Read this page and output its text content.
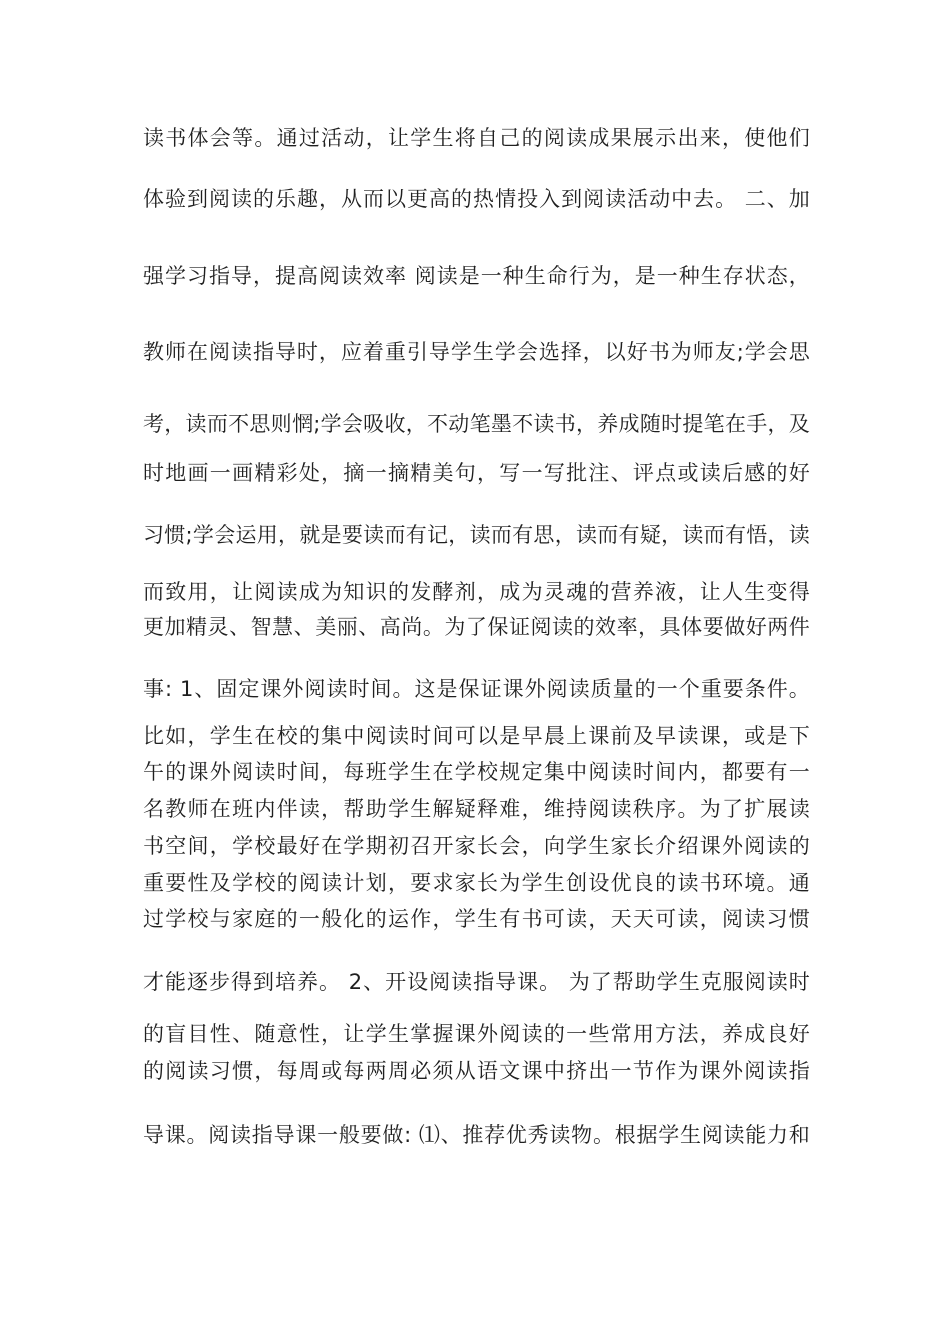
读书体会等。通过活动，让学生将自己的阅读成果展示出来，使他们
体验到阅读的乐趣，从而以更高的热情投入到阅读活动中去。 二、加
强学习指导，提高阅读效率 阅读是一种生命行为，是一种生存状态，
教师在阅读指导时，应着重引导学生学会选择，以好书为师友;学会思
考，读而不思则惘;学会吸收，不动笔墨不读书，养成随时提笔在手，及
时地画一画精彩处，摘一摘精美句，写一写批注、评点或读后感的好
习惯;学会运用，就是要读而有记，读而有思，读而有疑，读而有悟，读
而致用，让阅读成为知识的发酵剂，成为灵魂的营养液，让人生变得
更加精灵、智慧、美丽、高尚。为了保证阅读的效率，具体要做好两件
事: 1、固定课外阅读时间。这是保证课外阅读质量的一个重要条件。
比如，学生在校的集中阅读时间可以是早晨上课前及早读课，或是下
午的课外阅读时间，每班学生在学校规定集中阅读时间内，都要有一
名教师在班内伴读，帮助学生解疑释难，维持阅读秩序。为了扩展读
书空间，学校最好在学期初召开家长会，向学生家长介绍课外阅读的
重要性及学校的阅读计划，要求家长为学生创设优良的读书环境。通
过学校与家庭的一般化的运作，学生有书可读，天天可读，阅读习惯
才能逐步得到培养。 2、开设阅读指导课。 为了帮助学生克服阅读时
的盲目性、随意性，让学生掌握课外阅读的一些常用方法，养成良好
的阅读习惯，每周或每两周必须从语文课中挤出一节作为课外阅读指
导课。阅读指导课一般要做: ⑴、推荐优秀读物。根据学生阅读能力和
